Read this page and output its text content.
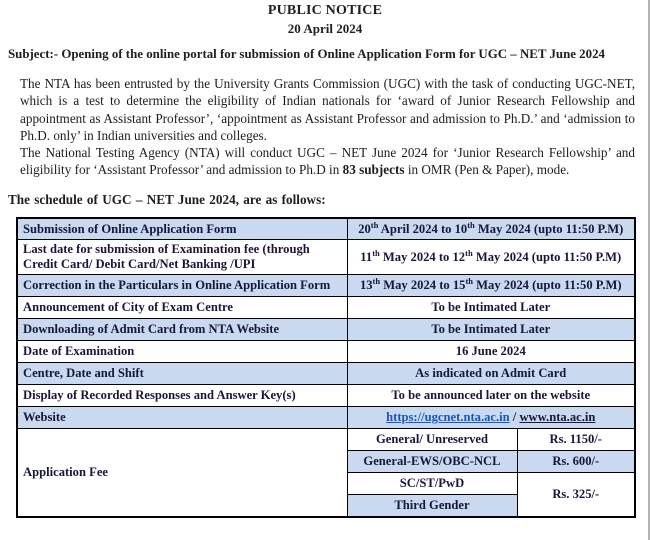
PUBLIC NOTICE
20 April 2024
Subject:- Opening of the online portal for submission of Online Application Form for UGC – NET June 2024

The NTA has been entrusted by the University Grants Commission (UGC) with the task of conducting UGC-NET, which is a test to determine the eligibility of Indian nationals for ‘award of Junior Research Fellowship and appointment as Assistant Professor’, ‘appointment as Assistant Professor and admission to Ph.D.’ and ‘admission to Ph.D. only’ in Indian universities and colleges.

The National Testing Agency (NTA) will conduct UGC – NET June 2024 for ‘Junior Research Fellowship’ and eligibility for ‘Assistant Professor’ and admission to Ph.D in 83 subjects in OMR (Pen & Paper), mode.

The schedule of UGC – NET June 2024, are as follows:
Submission of Online Application Form	20th April 2024 to 10th May 2024 (upto 11:50 P.M)	
Last date for submission of Examination fee (through Credit Card/ Debit Card/Net Banking /UPI	11th May 2024 to 12th May 2024 (upto 11:50 P.M)	
Correction in the Particulars in Online Application Form	13th May 2024 to 15th May 2024 (upto 11:50 P.M)	
Announcement of City of Exam Centre	To be Intimated Later	
Downloading of Admit Card from NTA Website	To be Intimated Later	
Date of Examination	16 June 2024	
Centre, Date and Shift	As indicated on Admit Card	
Display of Recorded Responses and Answer Key(s)	To be announced later on the website	
Website	https://ugcnet.nta.ac.in / www.nta.ac.in	
Application Fee	General/ Unreserved	Rs. 1150/-
	General-EWS/OBC-NCL	Rs. 600/-
	SC/ST/PwD	Rs. 325/-
	Third Gender	
